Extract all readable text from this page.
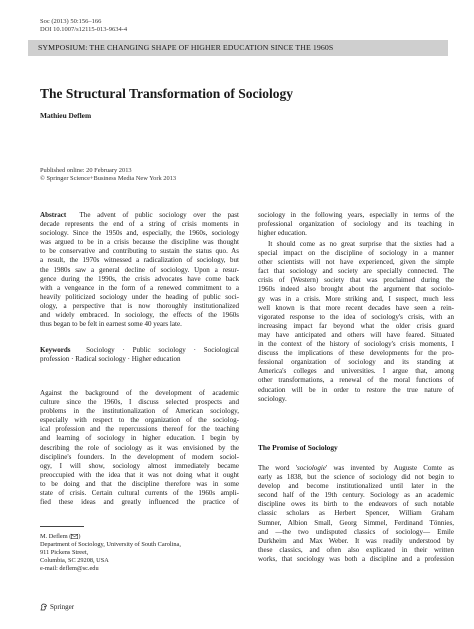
Soc (2013) 50:156–166
DOI 10.1007/s12115-013-9634-4
SYMPOSIUM: THE CHANGING SHAPE OF HIGHER EDUCATION SINCE THE 1960S
The Structural Transformation of Sociology
Mathieu Deflem
Published online: 20 February 2013
© Springer Science+Business Media New York 2013
Abstract The advent of public sociology over the past
decade represents the end of a string of crisis moments in
sociology. Since the 1950s and, especially, the 1960s, sociology
was argued to be in a crisis because the discipline was thought
to be conservative and contributing to sustain the status quo. As
a result, the 1970s witnessed a radicalization of sociology, but
the 1980s saw a general decline of sociology. Upon a resur-
gence during the 1990s, the crisis advocates have come back
with a vengeance in the form of a renewed commitment to a
heavily politicized sociology under the heading of public soci-
ology, a perspective that is now thoroughly institutionalized
and widely embraced. In sociology, the effects of the 1960s
thus began to be felt in earnest some 40 years late.
Keywords Sociology · Public sociology · Sociological
profession · Radical sociology · Higher education
Against the background of the development of academic
culture since the 1960s, I discuss selected prospects and
problems in the institutionalization of American sociology,
especially with respect to the organization of the sociolog-
ical profession and the repercussions thereof for the teaching
and learning of sociology in higher education. I begin by
describing the role of sociology as it was envisioned by the
discipline's founders. In the development of modern sociol-
ogy, I will show, sociology almost immediately became
preoccupied with the idea that it was not doing what it ought
to be doing and that the discipline therefore was in some
state of crisis. Certain cultural currents of the 1960s ampli-
fied these ideas and greatly influenced the practice of
M. Deflem ( )
Department of Sociology, University of South Carolina,
911 Pickens Street,
Columbia, SC 29208, USA
e-mail: deflem@sc.edu
Springer
sociology in the following years, especially in terms of the
professional organization of sociology and its teaching in
higher education.
It should come as no great surprise that the sixties had a
special impact on the discipline of sociology in a manner
other scientists will not have experienced, given the simple
fact that sociology and society are specially connected. The
crisis of (Western) society that was proclaimed during the
1960s indeed also brought about the argument that sociolo-
gy was in a crisis. More striking and, I suspect, much less
well known is that more recent decades have seen a rein-
vigorated response to the idea of sociology's crisis, with an
increasing impact far beyond what the older crisis guard
may have anticipated and others will have feared. Situated
in the context of the history of sociology's crisis moments, I
discuss the implications of these developments for the pro-
fessional organization of sociology and its standing at
America's colleges and universities. I argue that, among
other transformations, a renewal of the moral functions of
education will be in order to restore the true nature of
sociology.
The Promise of Sociology
The word 'sociologie' was invented by Auguste Comte as
early as 1838, but the science of sociology did not begin to
develop and become institutionalized until later in the
second half of the 19th century. Sociology as an academic
discipline owes its birth to the endeavors of such notable
classic scholars as Herbert Spencer, William Graham
Sumner, Albion Small, Georg Simmel, Ferdinand Tönnies,
and —the two undisputed classics of sociology— Emile
Durkheim and Max Weber. It was readily understood by
these classics, and often also explicated in their written
works, that sociology was both a discipline and a profession
